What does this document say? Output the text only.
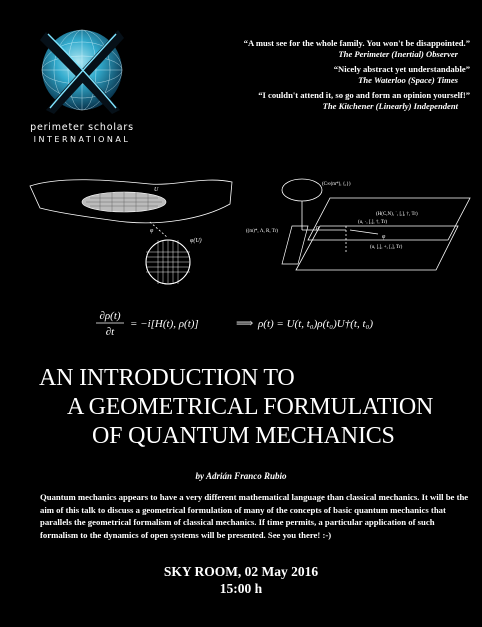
perimeter scholars
INTERNATIONAL
“A must see for the whole family. You won't be disappointed.”
The Perimeter (Inertial) Observer
“Nicely abstract yet understandable”
The Waterloo (Space) Times
“I couldn't attend it, so go and form an opinion yourself!”
The Kitchener (Linearly) Independent
U
φ
φ(U)
(C∞(m*), {,})
((m)*, Λ, R, Tr)
(H(C,N), ˙, [,], †, Tr)
(u, ·, [,], †, Tr)
(u, [,], +, [,], Tr)
ρ
φ
∂ρ(t)
∂t
= −i[H(t), ρ(t)]	⟹ ρ(t) = U(t, t₀)ρ(t₀)U†(t, t₀)
AN INTRODUCTION TO
A GEOMETRICAL FORMULATION
OF QUANTUM MECHANICS
by Adrián Franco Rubio
Quantum mechanics appears to have a very different mathematical language than classical mechanics. It will be the aim of this talk to discuss a geometrical formulation of many of the concepts of basic quantum mechanics that parallels the geometrical formalism of classical mechanics. If time permits, a particular application of such formalism to the dynamics of open systems will be presented. See you there! :-)
SKY ROOM, 02 May 2016
15:00 h
